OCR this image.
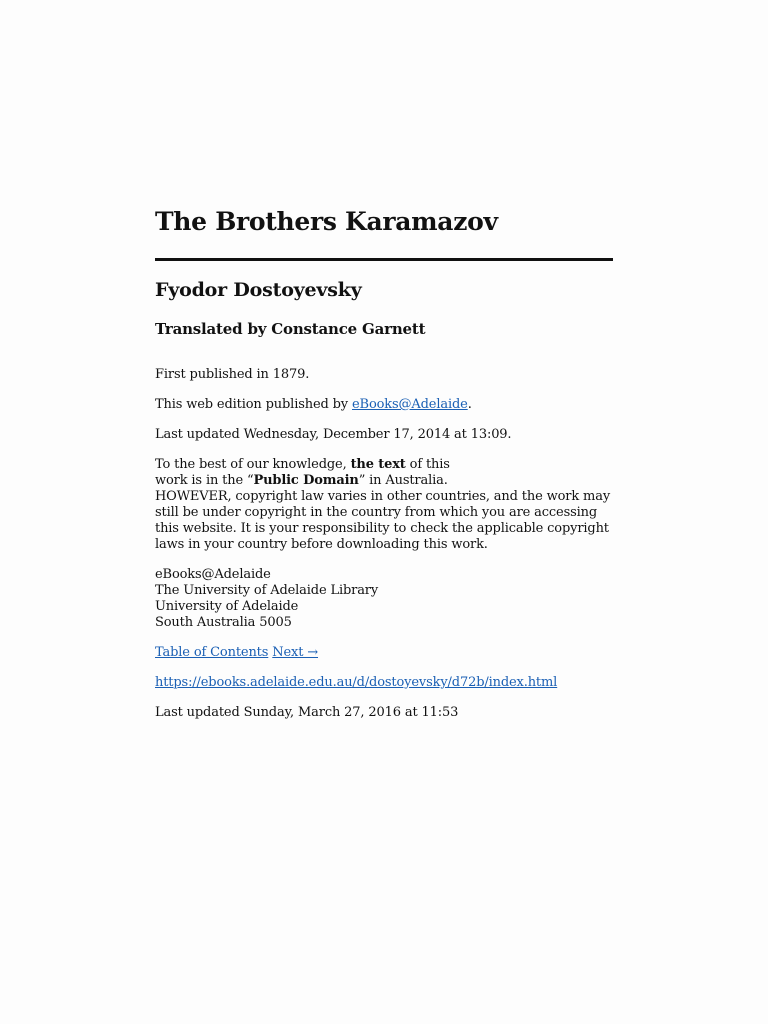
The Brothers Karamazov
Fyodor Dostoyevsky
Translated by Constance Garnett

First published in 1879.

This web edition published by eBooks@Adelaide.

Last updated Wednesday, December 17, 2014 at 13:09.

To the best of our knowledge, the text of this
work is in the “Public Domain” in Australia.
HOWEVER, copyright law varies in other countries, and the work may still be under copyright in the country from which you are accessing this website. It is your responsibility to check the applicable copyright laws in your country before downloading this work.

eBooks@Adelaide
The University of Adelaide Library
University of Adelaide
South Australia 5005

Table of Contents Next →

https://ebooks.adelaide.edu.au/d/dostoyevsky/d72b/index.html

Last updated Sunday, March 27, 2016 at 11:53
